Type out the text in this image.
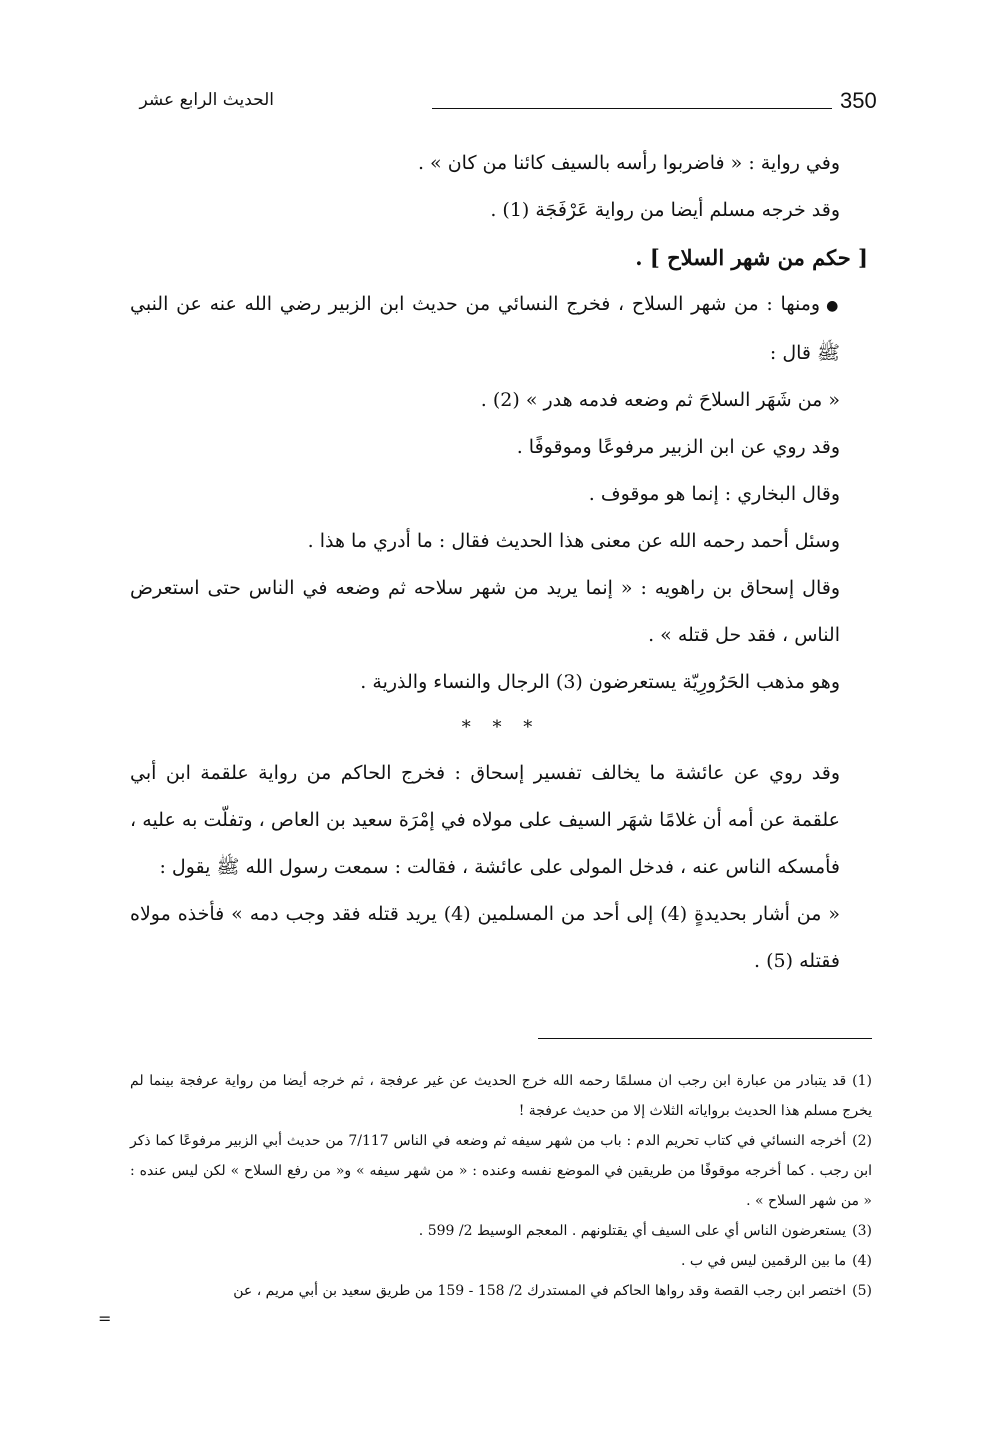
350
الحديث الرابع عشر

وفي رواية : « فاضربوا رأسه بالسيف كائنا من كان » .

وقد خرجه مسلم أيضا من رواية عَرْفَجَة (1) .

[ حكم من شهر السلاح ] .

● ومنها : من شهر السلاح ، فخرج النسائي من حديث ابن الزبير رضي الله عنه عن النبي ﷺ قال :

« من شَهَر السلاحَ ثم وضعه فدمه هدر » (2) .

وقد روي عن ابن الزبير مرفوعًا وموقوفًا .

وقال البخاري : إنما هو موقوف .

وسئل أحمد رحمه الله عن معنى هذا الحديث فقال : ما أدري ما هذا .

وقال إسحاق بن راهويه : « إنما يريد من شهر سلاحه ثم وضعه في الناس حتى استعرض الناس ، فقد حل قتله » .

وهو مذهب الحَرُورِيّة يستعرضون (3) الرجال والنساء والذرية .

* * *

وقد روي عن عائشة ما يخالف تفسير إسحاق : فخرج الحاكم من رواية علقمة ابن أبي علقمة عن أمه أن غلامًا شهَر السيف على مولاه في إمْرَة سعيد بن العاص ، وتفلّت به عليه ، فأمسكه الناس عنه ، فدخل المولى على عائشة ، فقالت : سمعت رسول الله ﷺ يقول :

« من أشار بحديدةٍ (4) إلى أحد من المسلمين (4) يريد قتله فقد وجب دمه » فأخذه مولاه فقتله (5) .

(1)قد يتبادر من عبارة ابن رجب ان مسلمًا رحمه الله خرج الحديث عن غير عرفجة ، ثم خرجه أيضا من رواية عرفجة بينما لم يخرج مسلم هذا الحديث برواياته الثلاث إلا من حديث عرفجة !

(2)أخرجه النسائي في كتاب تحريم الدم : باب من شهر سيفه ثم وضعه في الناس 7/117 من حديث أبي الزبير مرفوعًا كما ذكر ابن رجب . كما أخرجه موقوفًا من طريقين في الموضع نفسه وعنده : « من شهر سيفه » و« من رفع السلاح » لكن ليس عنده : « من شهر السلاح » .

(3)يستعرضون الناس أي على السيف أي يقتلونهم . المعجم الوسيط 2/ 599 .

(4)ما بين الرقمين ليس في ب .

(5)اختصر ابن رجب القصة وقد رواها الحاكم في المستدرك 2/ 158 - 159 من طريق سعيد بن أبي مريم ، عن

=
